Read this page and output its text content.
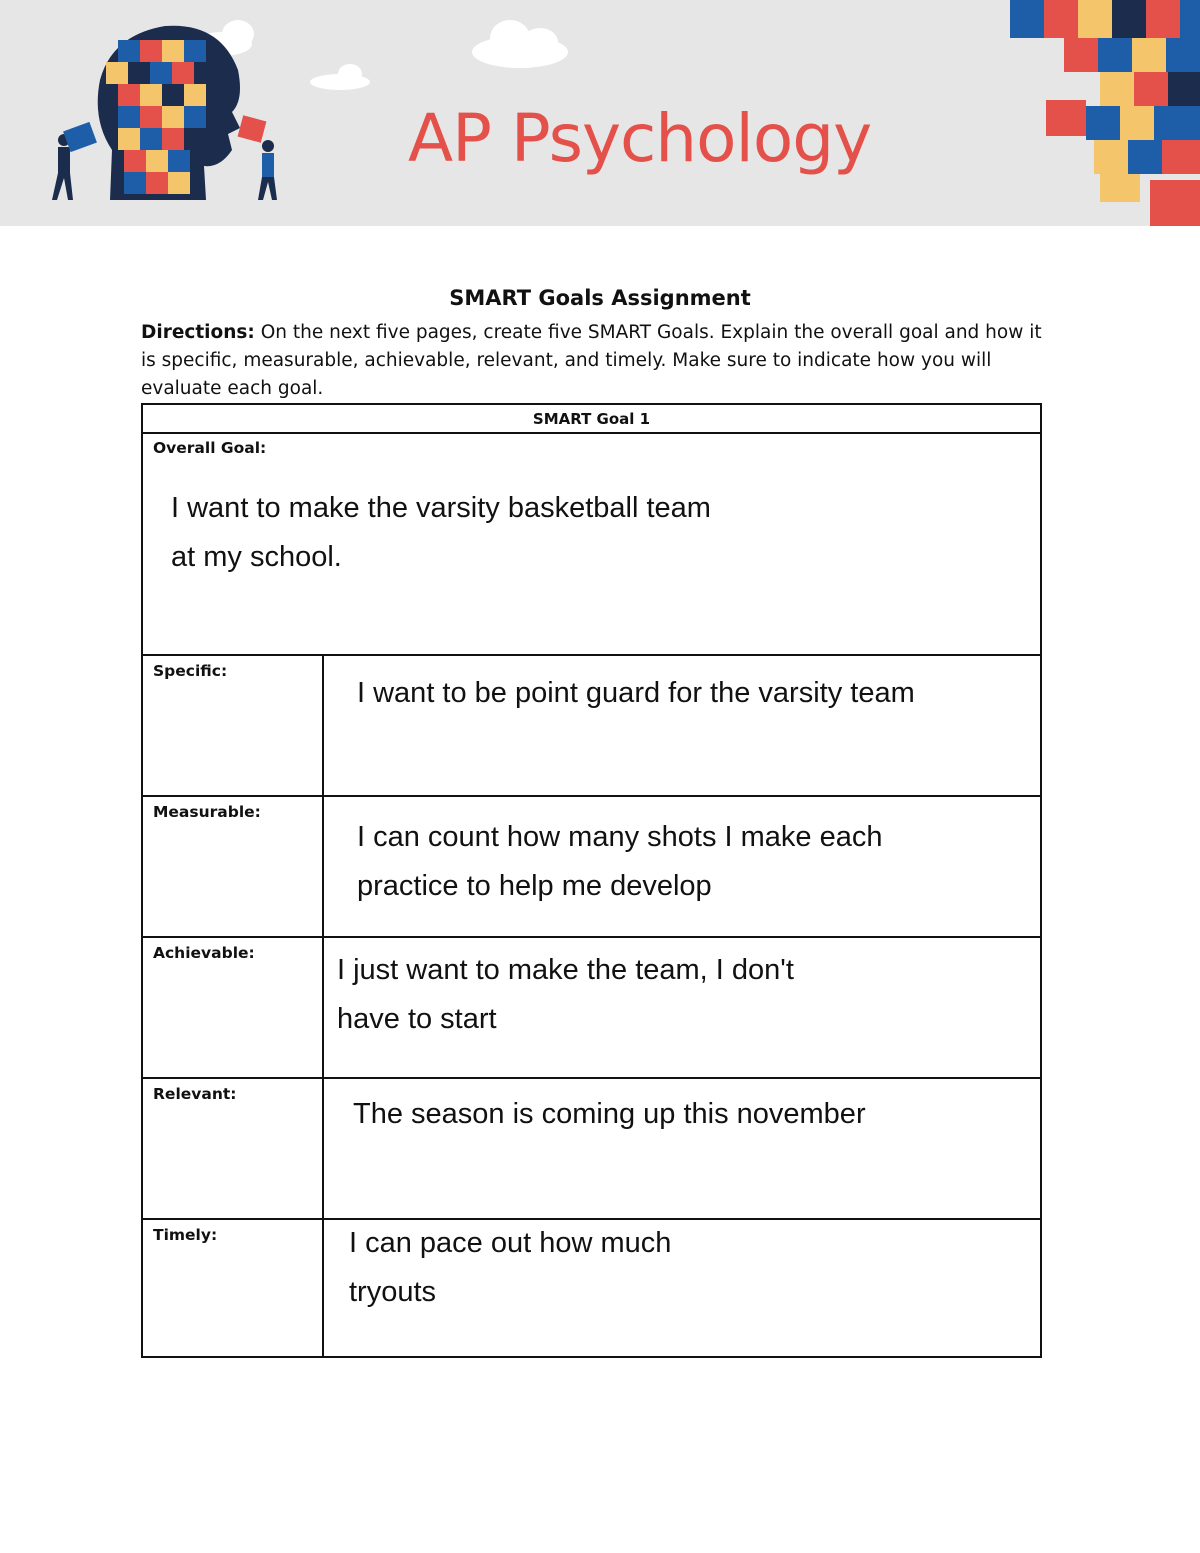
AP Psychology
SMART Goals Assignment
Directions: On the next five pages, create five SMART Goals. Explain the overall goal and how it is specific, measurable, achievable, relevant, and timely. Make sure to indicate how you will evaluate each goal.
SMART Goal 1
Overall Goal:
I want to make the varsity basketball team
at my school.
Specific:
I want to be point guard for the varsity team
Measurable:
I can count how many shots I make each
practice to help me develop
Achievable:
I just want to make the team, I don't
have to start
Relevant:
The season is coming up this november
Timely:	I can pace out how much
tryouts
